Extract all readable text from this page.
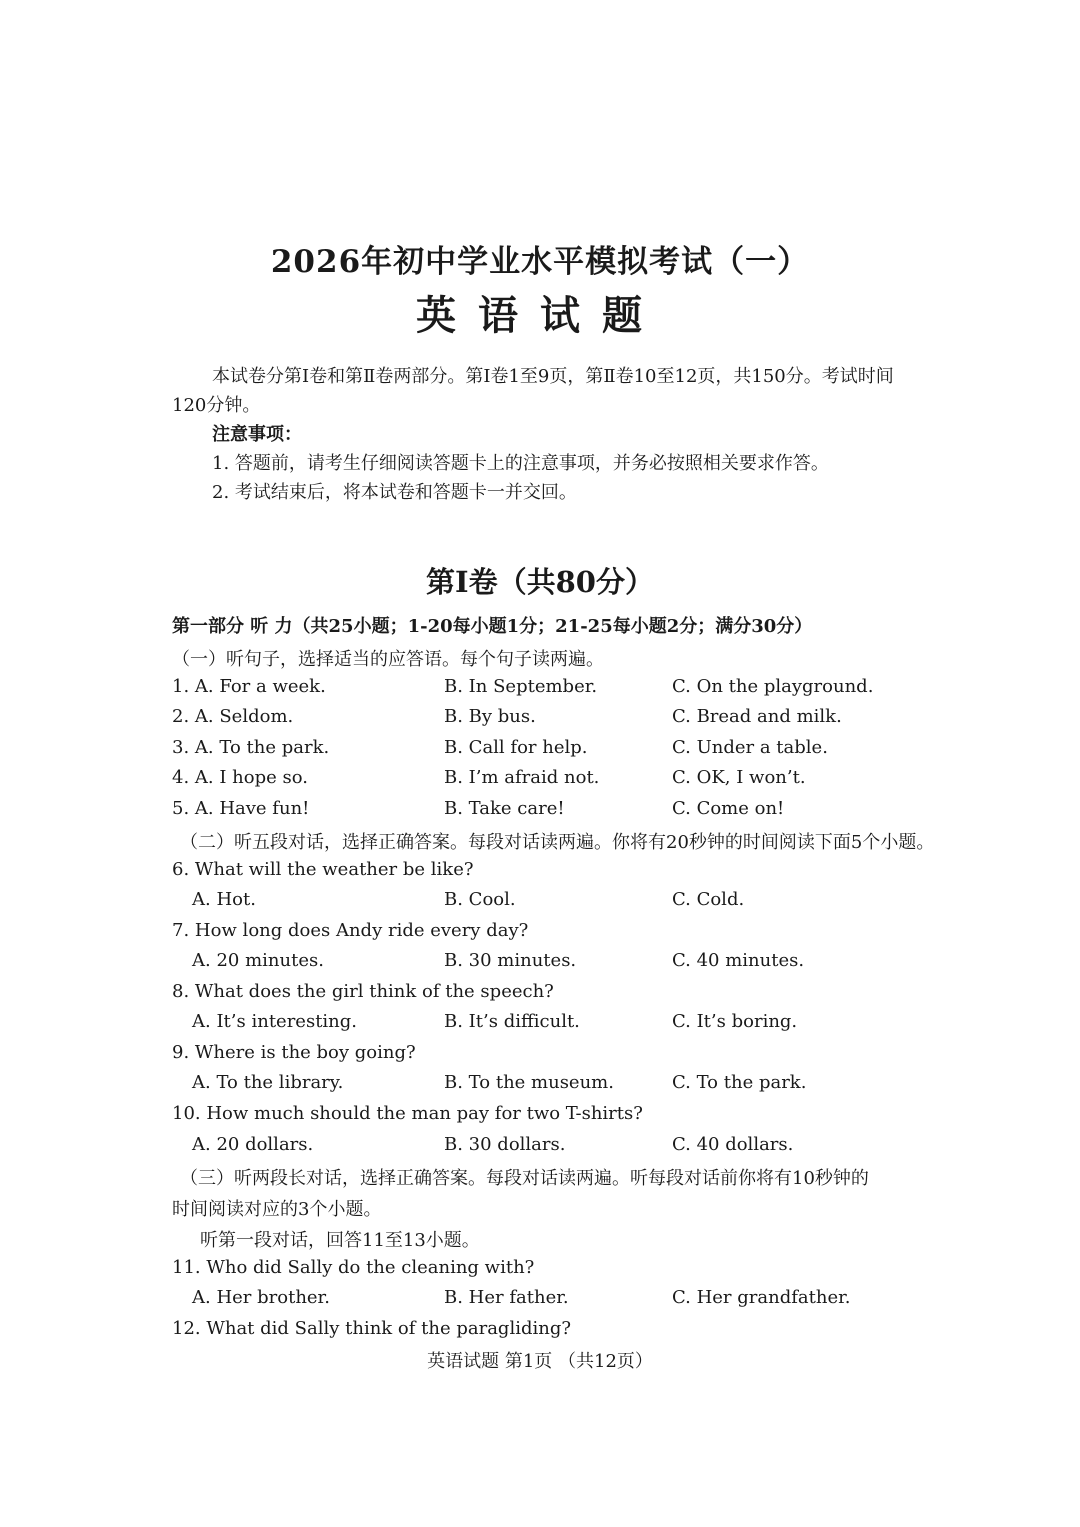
2026年初中学业水平模拟考试（一）
英语试题
本试卷分第Ⅰ卷和第Ⅱ卷两部分。第Ⅰ卷1至9页，第Ⅱ卷10至12页，共150分。考试时间120分钟。
注意事项：
1. 答题前，请考生仔细阅读答题卡上的注意事项，并务必按照相关要求作答。
2. 考试结束后，将本试卷和答题卡一并交回。
第Ⅰ卷（共80分）
第一部分 听 力（共25小题；1-20每小题1分；21-25每小题2分；满分30分）
（一）听句子，选择适当的应答语。每个句子读两遍。
1. A. For a week.	B. In September.	C. On the playground.
2. A. Seldom.	B. By bus.	C. Bread and milk.
3. A. To the park.	B. Call for help.	C. Under a table.
4. A. I hope so.	B. I’m afraid not.	C. OK, I won’t.
5. A. Have fun!	B. Take care!	C. Come on!
（二）听五段对话，选择正确答案。每段对话读两遍。你将有20秒钟的时间阅读下面5个小题。
6. What will the weather be like?
A. Hot.	B. Cool.	C. Cold.
7. How long does Andy ride every day?
A. 20 minutes.	B. 30 minutes.	C. 40 minutes.
8. What does the girl think of the speech?
A. It’s interesting.	B. It’s difficult.	C. It’s boring.
9. Where is the boy going?
A. To the library.	B. To the museum.	C. To the park.
10. How much should the man pay for two T-shirts?
A. 20 dollars.	B. 30 dollars.	C. 40 dollars.
（三）听两段长对话，选择正确答案。每段对话读两遍。听每段对话前你将有10秒钟的
时间阅读对应的3个小题。
听第一段对话，回答11至13小题。
11. Who did Sally do the cleaning with?
A. Her brother.	B. Her father.	C. Her grandfather.
12. What did Sally think of the paragliding?
英语试题 第1页 （共12页）
